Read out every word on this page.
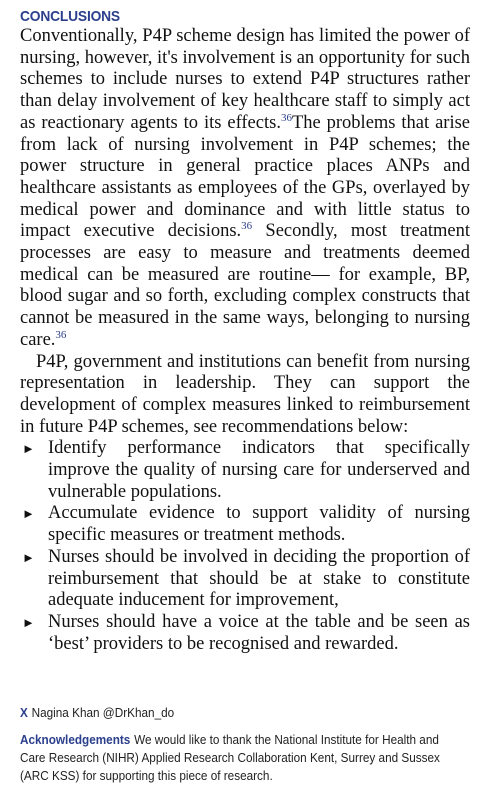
CONCLUSIONS

Conventionally, P4P scheme design has limited the power of nursing, however, it's involvement is an opportunity for such schemes to include nurses to extend P4P structures rather than delay involvement of key healthcare staff to simply act as reactionary agents to its effects.$^{36}$The problems that arise from lack of nursing involvement in P4P schemes; the power structure in general practice places ANPs and healthcare assistants as employees of the GPs, overlayed by medical power and dominance and with little status to impact executive decisions.$^{36}$ Secondly, most treatment processes are easy to measure and treatments deemed medical can be measured are routine— for example, BP, blood sugar and so forth, excluding complex constructs that cannot be measured in the same ways, belonging to nursing care.$^{36}$

P4P, government and institutions can benefit from nursing representation in leadership. They can support the development of complex measures linked to reimbursement in future P4P schemes, see recommendations below:

► Identify performance indicators that specifically improve the quality of nursing care for underserved and vulnerable populations.
► Accumulate evidence to support validity of nursing specific measures or treatment methods.
► Nurses should be involved in deciding the proportion of reimbursement that should be at stake to constitute adequate inducement for improvement,
► Nurses should have a voice at the table and be seen as ‘best’ providers to be recognised and rewarded.
X Nagina Khan @DrKhan_do
Acknowledgements We would like to thank the National Institute for Health and Care Research (NIHR) Applied Research Collaboration Kent, Surrey and Sussex (ARC KSS) for supporting this piece of research.
